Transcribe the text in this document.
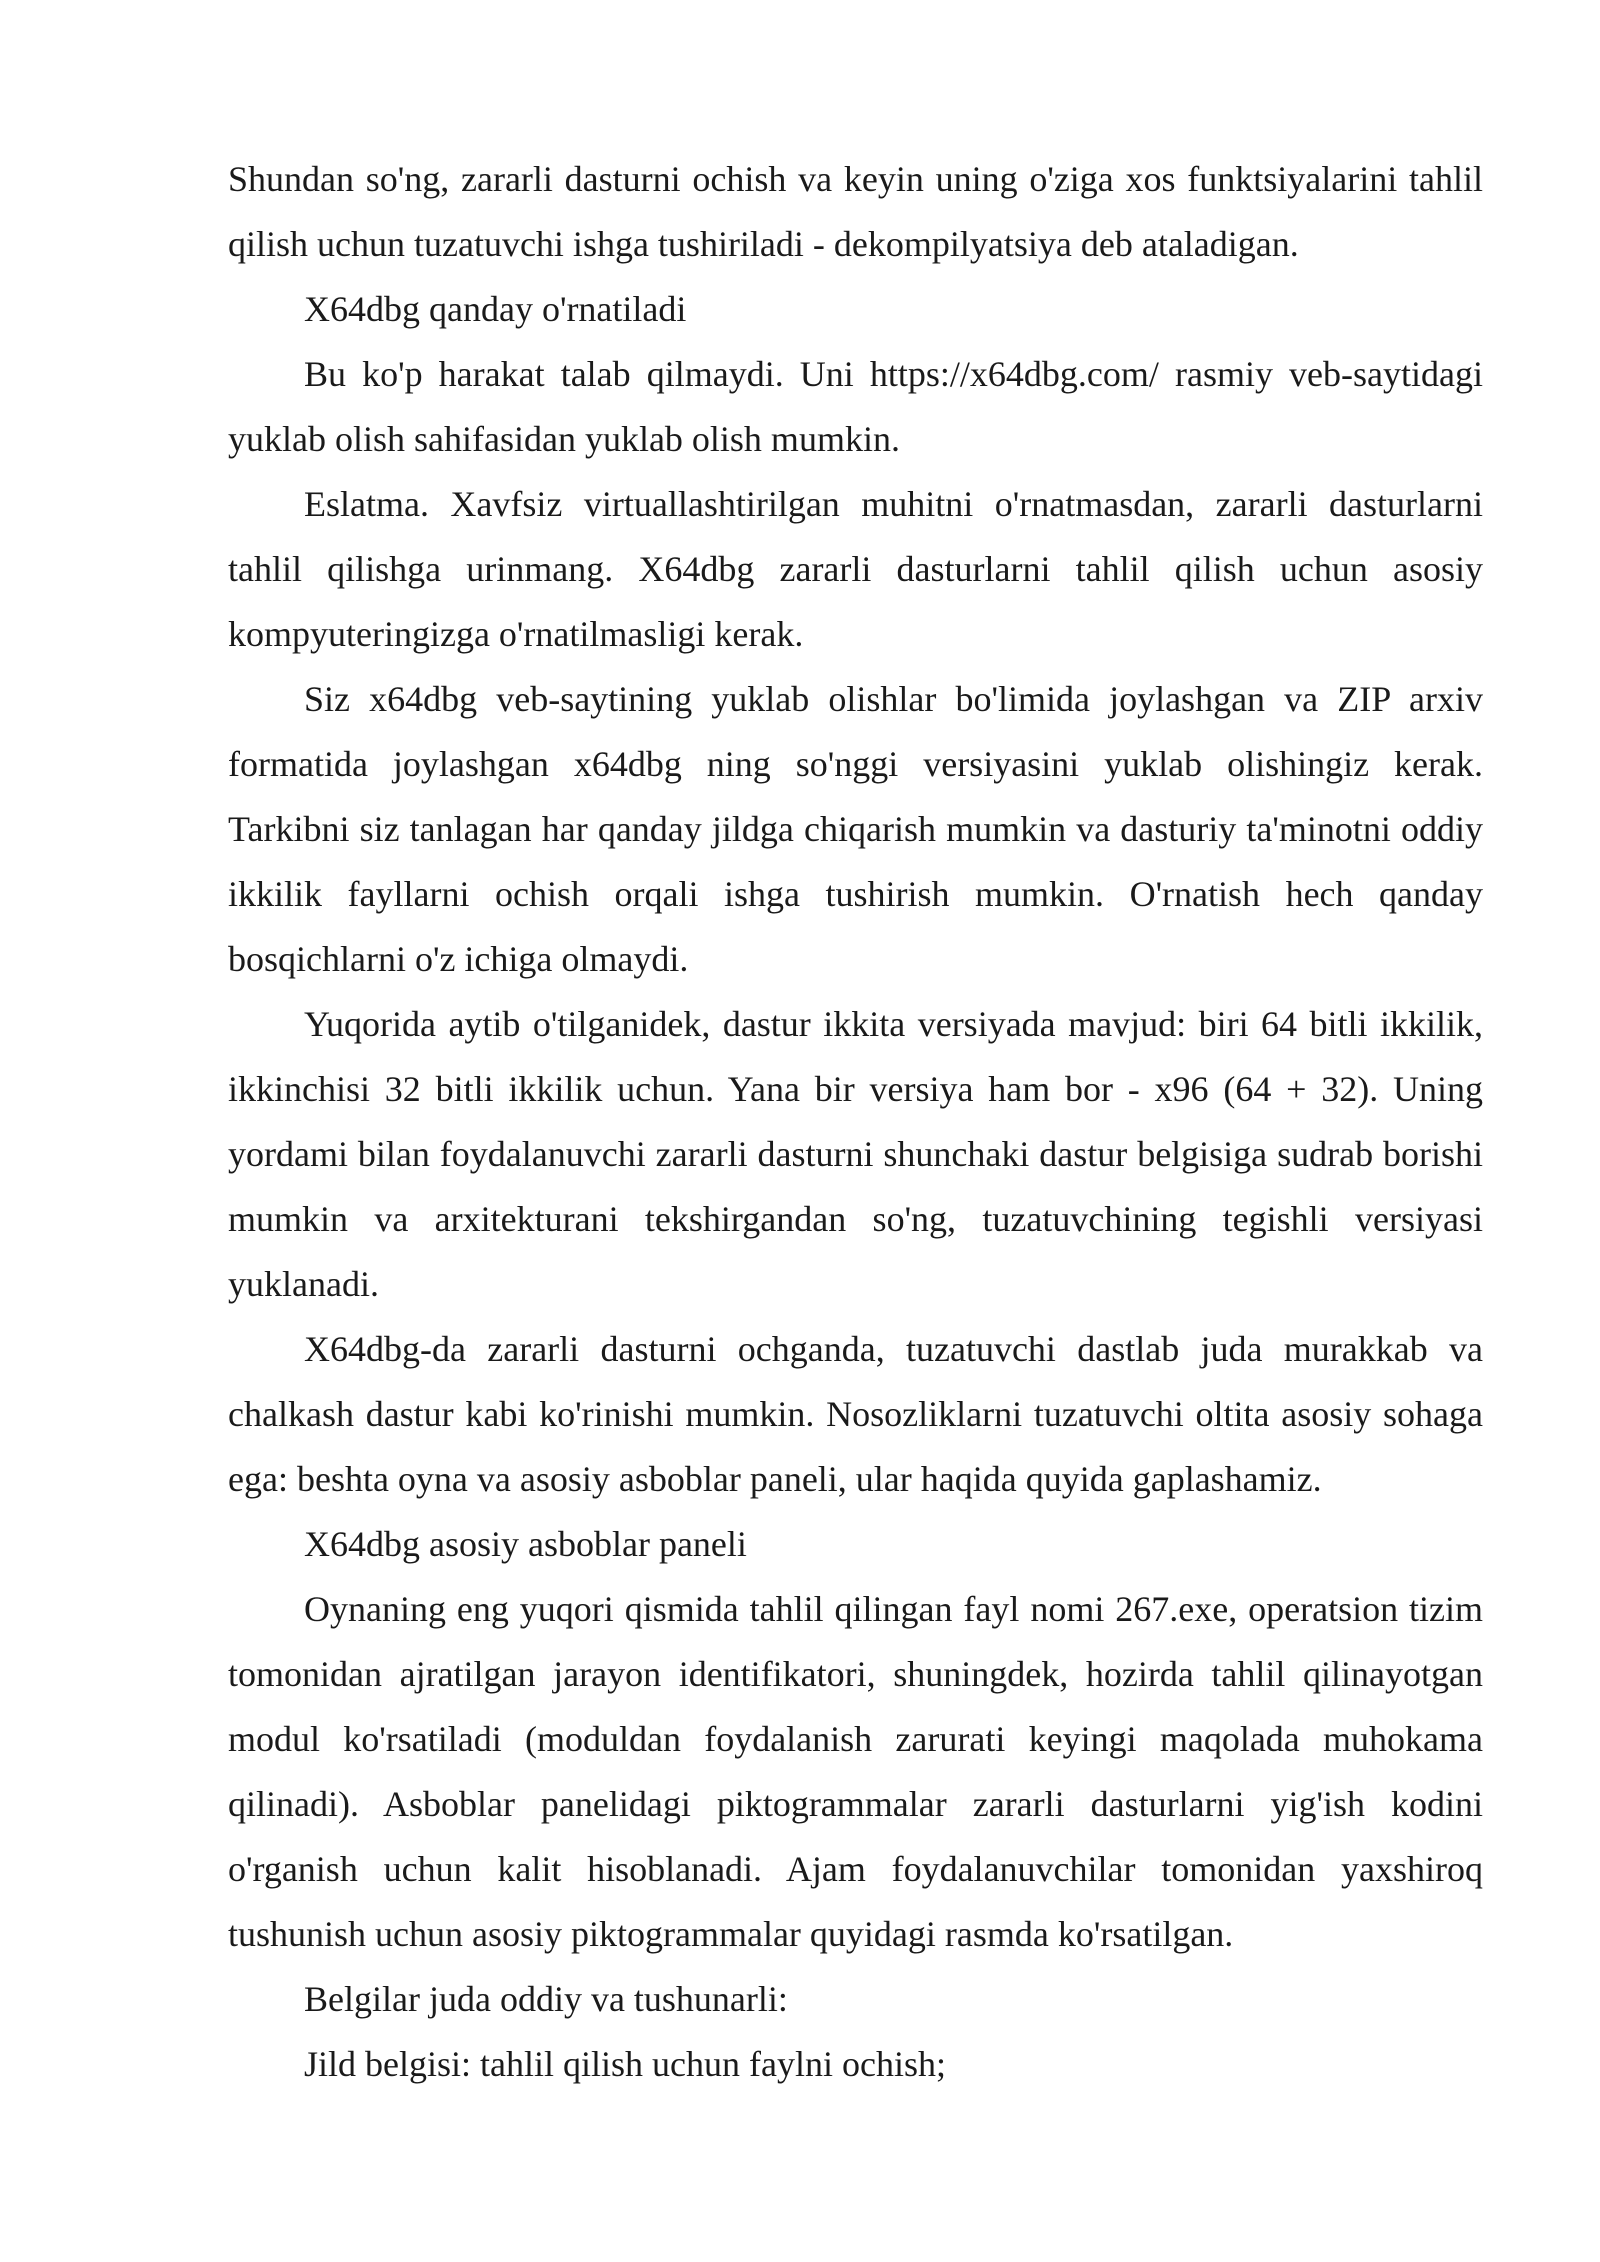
Shundan so'ng, zararli dasturni ochish va keyin uning o'ziga xos funktsiyalarini tahlil qilish uchun tuzatuvchi ishga tushiriladi - dekompilyatsiya deb ataladigan.

X64dbg qanday o'rnatiladi

Bu ko'p harakat talab qilmaydi. Uni https://x64dbg.com/ rasmiy veb-saytidagi yuklab olish sahifasidan yuklab olish mumkin.

Eslatma. Xavfsiz virtuallashtirilgan muhitni o'rnatmasdan, zararli dasturlarni tahlil qilishga urinmang. X64dbg zararli dasturlarni tahlil qilish uchun asosiy kompyuteringizga o'rnatilmasligi kerak.

Siz x64dbg veb-saytining yuklab olishlar bo'limida joylashgan va ZIP arxiv formatida joylashgan x64dbg ning so'nggi versiyasini yuklab olishingiz kerak. Tarkibni siz tanlagan har qanday jildga chiqarish mumkin va dasturiy ta'minotni oddiy ikkilik fayllarni ochish orqali ishga tushirish mumkin. O'rnatish hech qanday bosqichlarni o'z ichiga olmaydi.

Yuqorida aytib o'tilganidek, dastur ikkita versiyada mavjud: biri 64 bitli ikkilik, ikkinchisi 32 bitli ikkilik uchun. Yana bir versiya ham bor - x96 (64 + 32). Uning yordami bilan foydalanuvchi zararli dasturni shunchaki dastur belgisiga sudrab borishi mumkin va arxitekturani tekshirgandan so'ng, tuzatuvchining tegishli versiyasi yuklanadi.

X64dbg-da zararli dasturni ochganda, tuzatuvchi dastlab juda murakkab va chalkash dastur kabi ko'rinishi mumkin. Nosozliklarni tuzatuvchi oltita asosiy sohaga ega: beshta oyna va asosiy asboblar paneli, ular haqida quyida gaplashamiz.

X64dbg asosiy asboblar paneli

Oynaning eng yuqori qismida tahlil qilingan fayl nomi 267.exe, operatsion tizim tomonidan ajratilgan jarayon identifikatori, shuningdek, hozirda tahlil qilinayotgan modul ko'rsatiladi (moduldan foydalanish zarurati keyingi maqolada muhokama qilinadi). Asboblar panelidagi piktogrammalar zararli dasturlarni yig'ish kodini o'rganish uchun kalit hisoblanadi. Ajam foydalanuvchilar tomonidan yaxshiroq tushunish uchun asosiy piktogrammalar quyidagi rasmda ko'rsatilgan.

Belgilar juda oddiy va tushunarli:

Jild belgisi: tahlil qilish uchun faylni ochish;
